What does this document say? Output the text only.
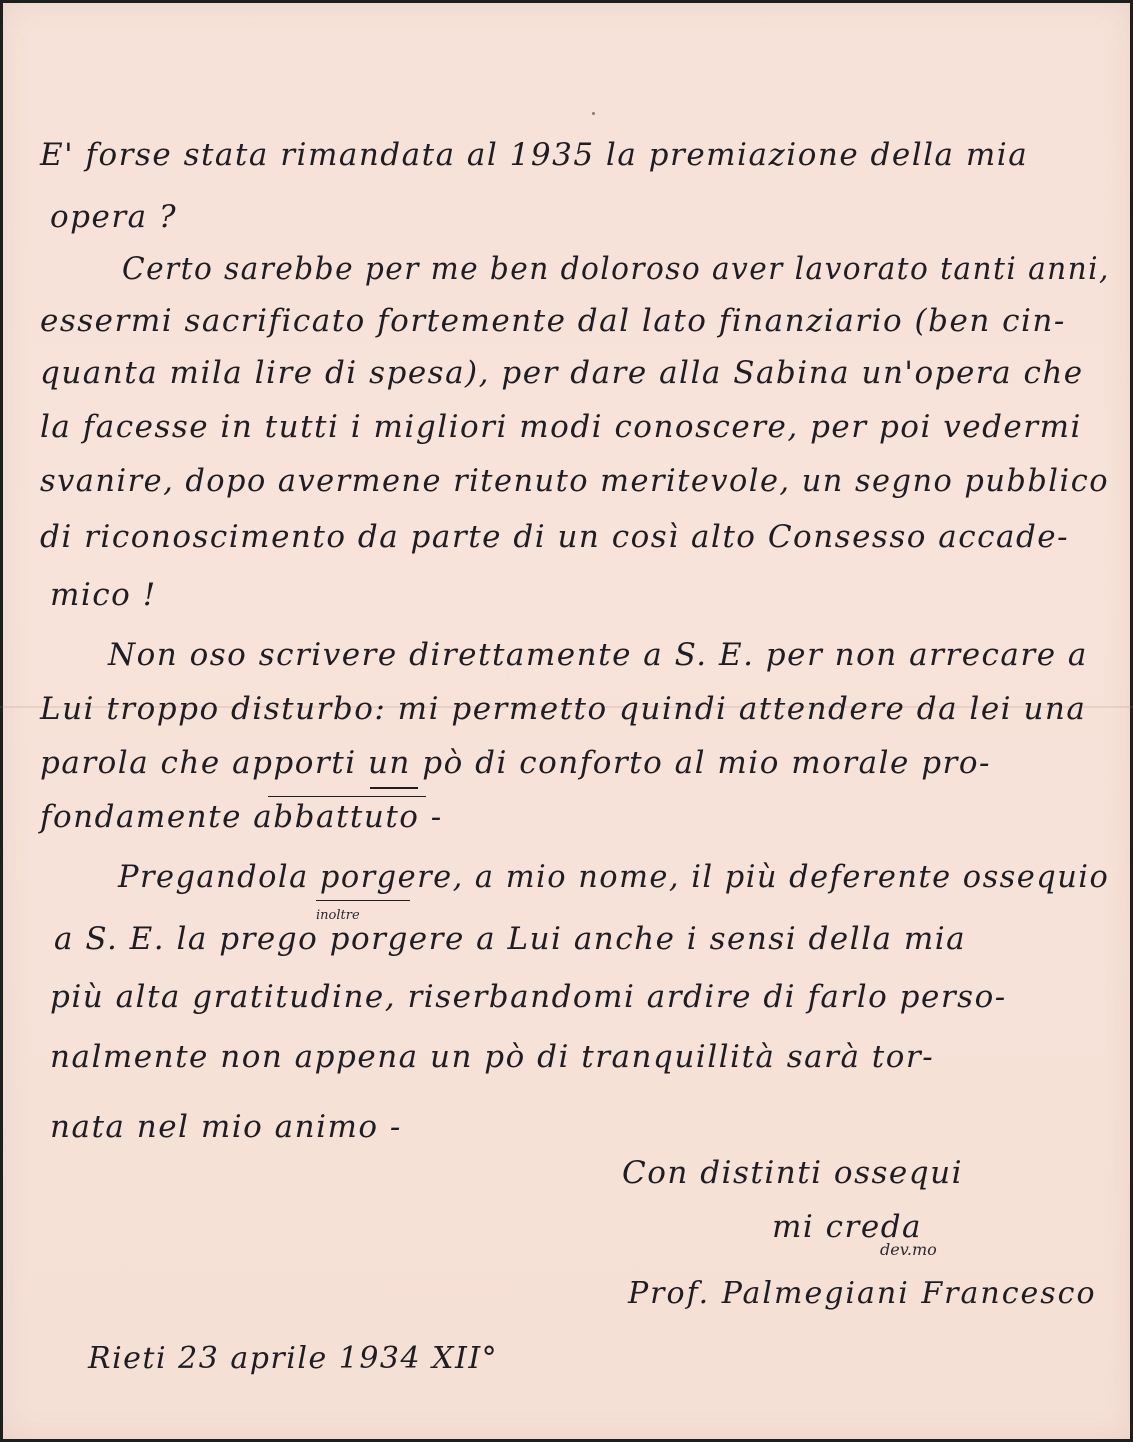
E' forse stata rimandata al 1935 la premiazione della mia
opera ?
Certo sarebbe per me ben doloroso aver lavorato tanti anni,
essermi sacrificato fortemente dal lato finanziario (ben cin-
quanta mila lire di spesa), per dare alla Sabina un'opera che
la facesse in tutti i migliori modi conoscere, per poi vedermi
svanire, dopo avermene ritenuto meritevole, un segno pubblico
di riconoscimento da parte di un così alto Consesso accade-
mico !
Non oso scrivere direttamente a S. E. per non arrecare a
Lui troppo disturbo: mi permetto quindi attendere da lei una
parola che apporti un pò di conforto al mio morale pro-
fondamente abbattuto -
Pregandola porgere, a mio nome, il più deferente ossequio
inoltre
a S. E. la prego porgere a Lui anche i sensi della mia
più alta gratitudine, riserbandomi ardire di farlo perso-
nalmente non appena un pò di tranquillità sarà tor-
nata nel mio animo -
Con distinti ossequi
mi creda
dev.mo
Prof. Palmegiani Francesco
Rieti 23 aprile 1934 XII°
